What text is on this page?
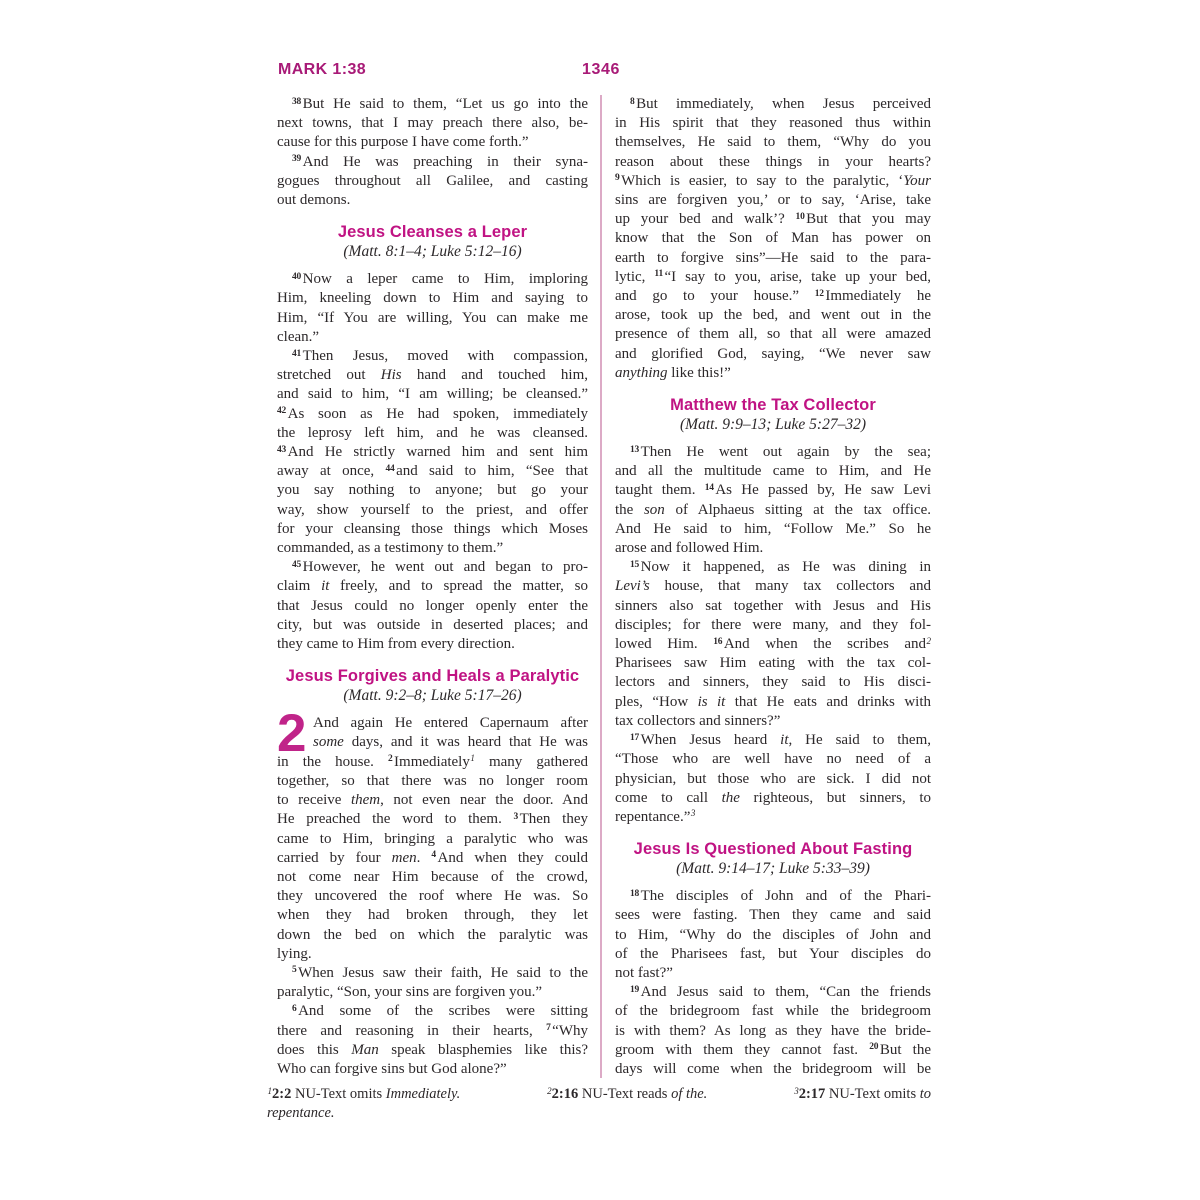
MARK 1:38	1346
$^{38}$ But He said to them, “Let us go into the
next towns, that I may preach there also, be-
cause for this purpose I have come forth.”
$^{39}$ And He was preaching in their syna-
gogues throughout all Galilee, and casting
out demons.
Jesus Cleanses a Leper
(Matt. 8:1–4; Luke 5:12–16)
$^{40}$ Now a leper came to Him, imploring
Him, kneeling down to Him and saying to
Him, “If You are willing, You can make me
clean.”
$^{41}$ Then Jesus, moved with compassion,
stretched out His hand and touched him,
and said to him, “I am willing; be cleansed.”
$^{42}$ As soon as He had spoken, immediately
the leprosy left him, and he was cleansed.
$^{43}$ And He strictly warned him and sent him
away at once, $^{44}$ and said to him, “See that
you say nothing to anyone; but go your
way, show yourself to the priest, and offer
for your cleansing those things which Moses
commanded, as a testimony to them.”
$^{45}$ However, he went out and began to pro-
claim it freely, and to spread the matter, so
that Jesus could no longer openly enter the
city, but was outside in deserted places; and
they came to Him from every direction.
Jesus Forgives and Heals a Paralytic
(Matt. 9:2–8; Luke 5:17–26)
2 And again He entered Capernaum after
some days, and it was heard that He was
in the house. $^2$ Immediately$^1$ many gathered
together, so that there was no longer room
to receive them, not even near the door. And
He preached the word to them. $^3$ Then they
came to Him, bringing a paralytic who was
carried by four men. $^4$ And when they could
not come near Him because of the crowd,
they uncovered the roof where He was. So
when they had broken through, they let
down the bed on which the paralytic was
lying.
$^5$ When Jesus saw their faith, He said to the
paralytic, “Son, your sins are forgiven you.”
$^6$ And some of the scribes were sitting
there and reasoning in their hearts, $^7$ “Why
does this Man speak blasphemies like this?
Who can forgive sins but God alone?”
$^8$ But immediately, when Jesus perceived
in His spirit that they reasoned thus within
themselves, He said to them, “Why do you
reason about these things in your hearts?
$^9$ Which is easier, to say to the paralytic, ‘Your
sins are forgiven you,’ or to say, ‘Arise, take
up your bed and walk’? $^{10}$ But that you may
know that the Son of Man has power on
earth to forgive sins”—He said to the para-
lytic, $^{11}$ “I say to you, arise, take up your bed,
and go to your house.” $^{12}$ Immediately he
arose, took up the bed, and went out in the
presence of them all, so that all were amazed
and glorified God, saying, “We never saw
anything like this!”
Matthew the Tax Collector
(Matt. 9:9–13; Luke 5:27–32)
$^{13}$ Then He went out again by the sea;
and all the multitude came to Him, and He
taught them. $^{14}$ As He passed by, He saw Levi
the son of Alphaeus sitting at the tax office.
And He said to him, “Follow Me.” So he
arose and followed Him.
$^{15}$ Now it happened, as He was dining in
Levi’s house, that many tax collectors and
sinners also sat together with Jesus and His
disciples; for there were many, and they fol-
lowed Him. $^{16}$ And when the scribes and$^2$
Pharisees saw Him eating with the tax col-
lectors and sinners, they said to His disci-
ples, “How is it that He eats and drinks with
tax collectors and sinners?”
$^{17}$ When Jesus heard it, He said to them,
“Those who are well have no need of a
physician, but those who are sick. I did not
come to call the righteous, but sinners, to
repentance.”$^3$
Jesus Is Questioned About Fasting
(Matt. 9:14–17; Luke 5:33–39)
$^{18}$ The disciples of John and of the Phari-
sees were fasting. Then they came and said
to Him, “Why do the disciples of John and
of the Pharisees fast, but Your disciples do
not fast?”
$^{19}$ And Jesus said to them, “Can the friends
of the bridegroom fast while the bridegroom
is with them? As long as they have the bride-
groom with them they cannot fast. $^{20}$ But the
days will come when the bridegroom will be
$^1$2:2 NU-Text omits Immediately.	$^2$2:16 NU-Text reads of the.	$^3$2:17 NU-Text omits to
repentance.
